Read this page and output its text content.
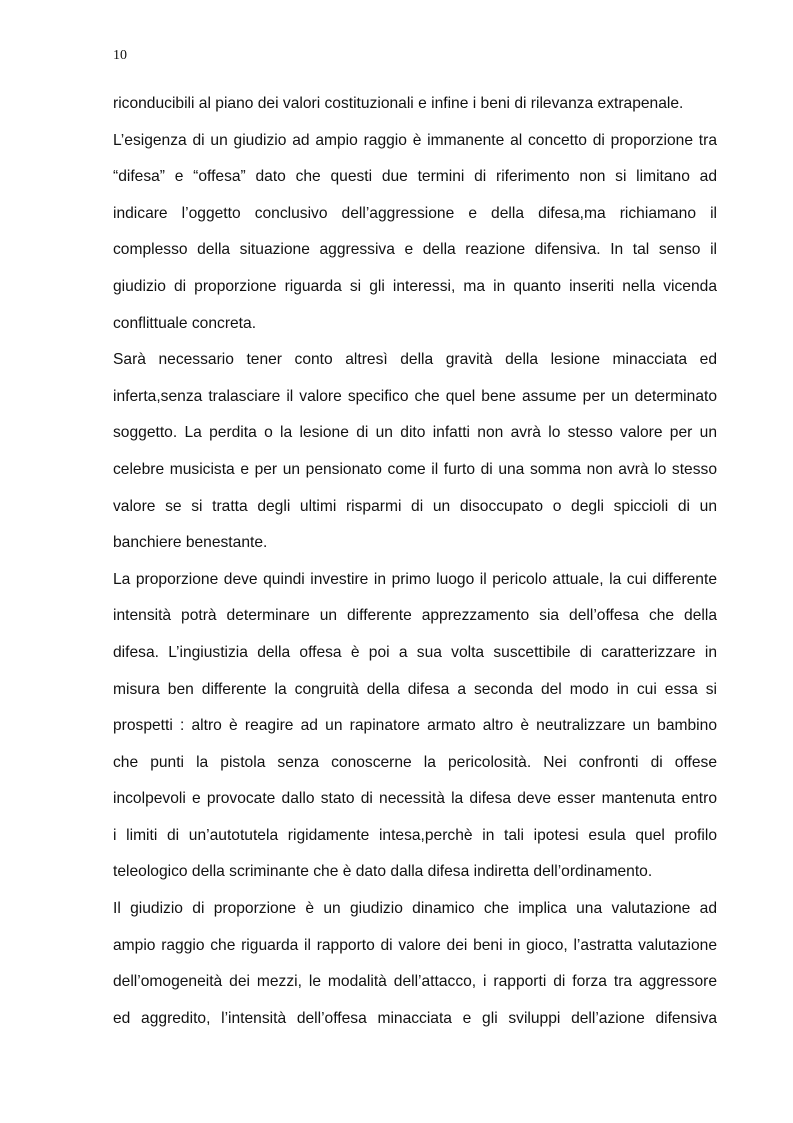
10
riconducibili al piano dei valori costituzionali e infine i beni di rilevanza extrapenale.
L’esigenza di un giudizio ad ampio raggio è immanente al concetto di proporzione tra
“difesa” e “offesa” dato che questi due termini di riferimento non si limitano ad
indicare l’oggetto conclusivo dell’aggressione e della difesa,ma richiamano il
complesso della situazione aggressiva e della reazione difensiva. In tal senso il
giudizio di proporzione riguarda si gli interessi, ma in quanto inseriti nella vicenda
conflittuale concreta.
Sarà necessario tener conto altresì della gravità della lesione minacciata ed
inferta,senza tralasciare il valore specifico che quel bene assume per un determinato
soggetto. La perdita o la lesione di un dito infatti non avrà lo stesso valore per un
celebre musicista e per un pensionato come il furto di una somma non avrà lo stesso
valore se si tratta degli ultimi risparmi di un disoccupato o degli spiccioli di un
banchiere benestante.
La proporzione deve quindi investire in primo luogo il pericolo attuale, la cui differente
intensità potrà determinare un differente apprezzamento sia dell’offesa che della
difesa. L’ingiustizia della offesa è poi a sua volta suscettibile di caratterizzare in
misura ben differente la congruità della difesa a seconda del modo in cui essa si
prospetti : altro è reagire ad un rapinatore armato altro è neutralizzare un bambino
che punti la pistola senza conoscerne la pericolosità. Nei confronti di offese
incolpevoli e provocate dallo stato di necessità la difesa deve esser mantenuta entro
i limiti di un’autotutela rigidamente intesa,perchè in tali ipotesi esula quel profilo
teleologico della scriminante che è dato dalla difesa indiretta dell’ordinamento.
Il giudizio di proporzione è un giudizio dinamico che implica una valutazione ad
ampio raggio che riguarda il rapporto di valore dei beni in gioco, l’astratta valutazione
dell’omogeneità dei mezzi, le modalità dell’attacco, i rapporti di forza tra aggressore
ed aggredito, l’intensità dell’offesa minacciata e gli sviluppi dell’azione difensiva
